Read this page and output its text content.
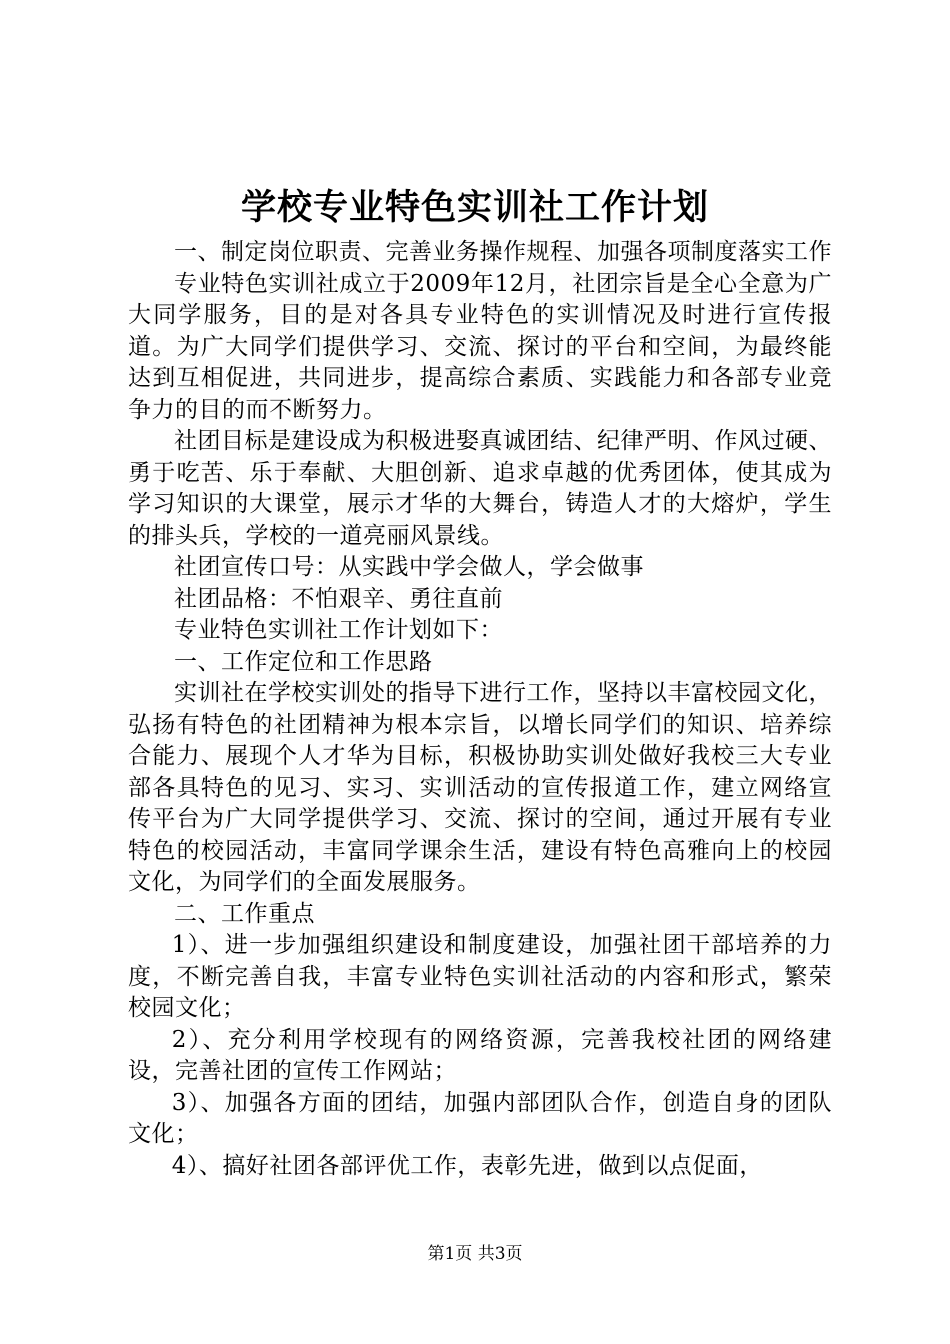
学校专业特色实训社工作计划

一、制定岗位职责、完善业务操作规程、加强各项制度落实工作

专业特色实训社成立于2009年12月，社团宗旨是全心全意为广大同学服务，目的是对各具专业特色的实训情况及时进行宣传报道。为广大同学们提供学习、交流、探讨的平台和空间，为最终能达到互相促进，共同进步，提高综合素质、实践能力和各部专业竞争力的目的而不断努力。

社团目标是建设成为积极进娶真诚团结、纪律严明、作风过硬、勇于吃苦、乐于奉献、大胆创新、追求卓越的优秀团体，使其成为学习知识的大课堂，展示才华的大舞台，铸造人才的大熔炉，学生的排头兵，学校的一道亮丽风景线。

社团宣传口号：从实践中学会做人，学会做事

社团品格：不怕艰辛、勇往直前

专业特色实训社工作计划如下：

一、工作定位和工作思路

实训社在学校实训处的指导下进行工作，坚持以丰富校园文化，弘扬有特色的社团精神为根本宗旨，以增长同学们的知识、培养综合能力、展现个人才华为目标，积极协助实训处做好我校三大专业部各具特色的见习、实习、实训活动的宣传报道工作，建立网络宣传平台为广大同学提供学习、交流、探讨的空间，通过开展有专业特色的校园活动，丰富同学课余生活，建设有特色高雅向上的校园文化，为同学们的全面发展服务。

二、工作重点

1）、进一步加强组织建设和制度建设，加强社团干部培养的力度，不断完善自我，丰富专业特色实训社活动的内容和形式，繁荣校园文化；

2）、充分利用学校现有的网络资源，完善我校社团的网络建设，完善社团的宣传工作网站；

3）、加强各方面的团结，加强内部团队合作，创造自身的团队文化；

4）、搞好社团各部评优工作，表彰先进，做到以点促面，

第1页 共3页
